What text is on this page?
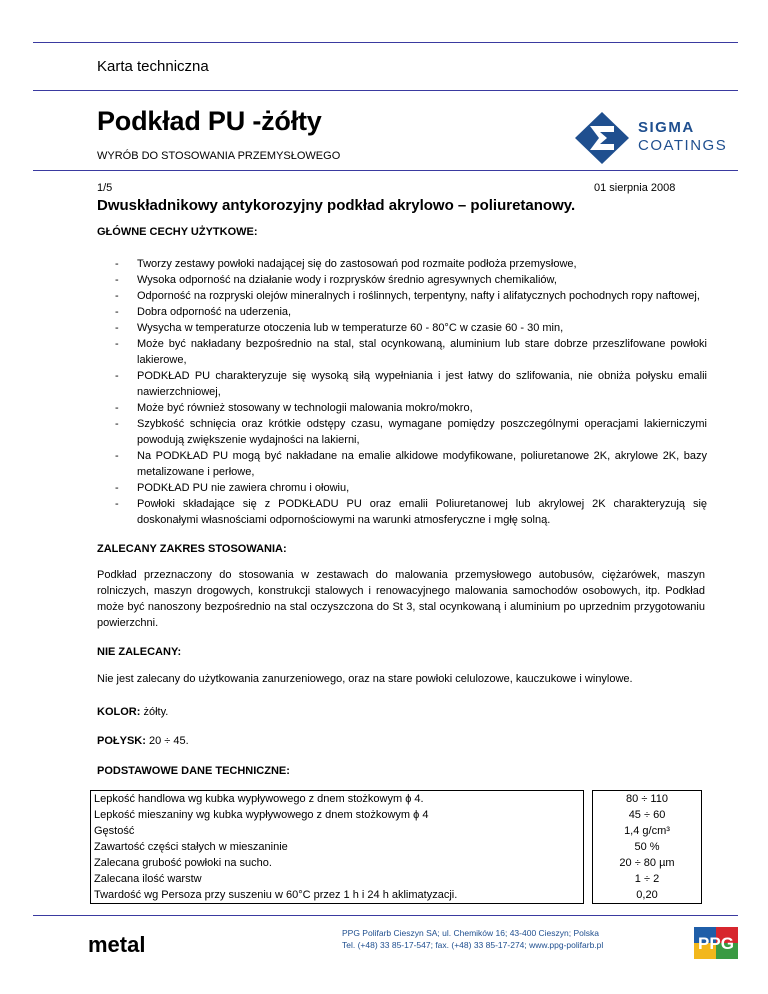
Karta techniczna
Podkład PU -żółty
WYRÓB DO STOSOWANIA PRZEMYSŁOWEGO
SIGMA
COATINGS
1/5	01 sierpnia 2008
Dwuskładnikowy antykorozyjny podkład akrylowo – poliuretanowy.
GŁÓWNE CECHY UŻYTKOWE:
- Tworzy zestawy powłoki nadającej się do zastosowań pod rozmaite podłoża przemysłowe,
- Wysoka odporność na działanie wody i rozprysków średnio agresywnych chemikaliów,
- Odporność na rozpryski olejów mineralnych i roślinnych, terpentyny, nafty i alifatycznych pochodnych ropy naftowej,
- Dobra odporność na uderzenia,
- Wysycha w temperaturze otoczenia lub w temperaturze 60 - 80°C w czasie 60 - 30 min,
- Może być nakładany bezpośrednio na stal, stal ocynkowaną, aluminium lub stare dobrze przeszlifowane powłoki lakierowe,
- PODKŁAD PU charakteryzuje się wysoką siłą wypełniania i jest łatwy do szlifowania, nie obniża połysku emalii nawierzchniowej,
- Może być również stosowany w technologii malowania mokro/mokro,
- Szybkość schnięcia oraz krótkie odstępy czasu, wymagane pomiędzy poszczególnymi operacjami lakierniczymi powodują zwiększenie wydajności na lakierni,
- Na PODKŁAD PU mogą być nakładane na emalie alkidowe modyfikowane, poliuretanowe 2K, akrylowe 2K, bazy metalizowane i perłowe,
- PODKŁAD PU nie zawiera chromu i ołowiu,
- Powłoki składające się z PODKŁADU PU oraz emalii Poliuretanowej lub akrylowej 2K charakteryzują się doskonałymi własnościami odpornościowymi na warunki atmosferyczne i mgłę solną.
ZALECANY ZAKRES STOSOWANIA:

Podkład przeznaczony do stosowania w zestawach do malowania przemysłowego autobusów, ciężarówek, maszyn rolniczych, maszyn drogowych, konstrukcji stalowych i renowacyjnego malowania samochodów osobowych, itp. Podkład może być nanoszony bezpośrednio na stal oczyszczona do St 3, stal ocynkowaną i aluminium po uprzednim przygotowaniu powierzchni.

NIE ZALECANY:

Nie jest zalecany do użytkowania zanurzeniowego, oraz na stare powłoki celulozowe, kauczukowe i winylowe.

KOLOR: żółty.
POŁYSK: 20 ÷ 45.
PODSTAWOWE DANE TECHNICZNE:
Lepkość handlowa wg kubka wypływowego z dnem stożkowym ϕ 4.		80 ÷ 110
Lepkość mieszaniny wg kubka wypływowego z dnem stożkowym ϕ 4		45 ÷ 60
Gęstość		1,4 g/cm³
Zawartość części stałych w mieszaninie		50 %
Zalecana grubość powłoki na sucho.		20 ÷ 80 µm
Zalecana ilość warstw		1 ÷ 2
Twardość wg Persoza przy suszeniu w 60°C przez 1 h i 24 h aklimatyzacji.		0,20
metal	PPG Polifarb Cieszyn SA; ul. Chemików 16; 43-400 Cieszyn; Polska
Tel. (+48) 33 85-17-547; fax. (+48) 33 85-17-274; www.ppg-polifarb.pl	PPG
